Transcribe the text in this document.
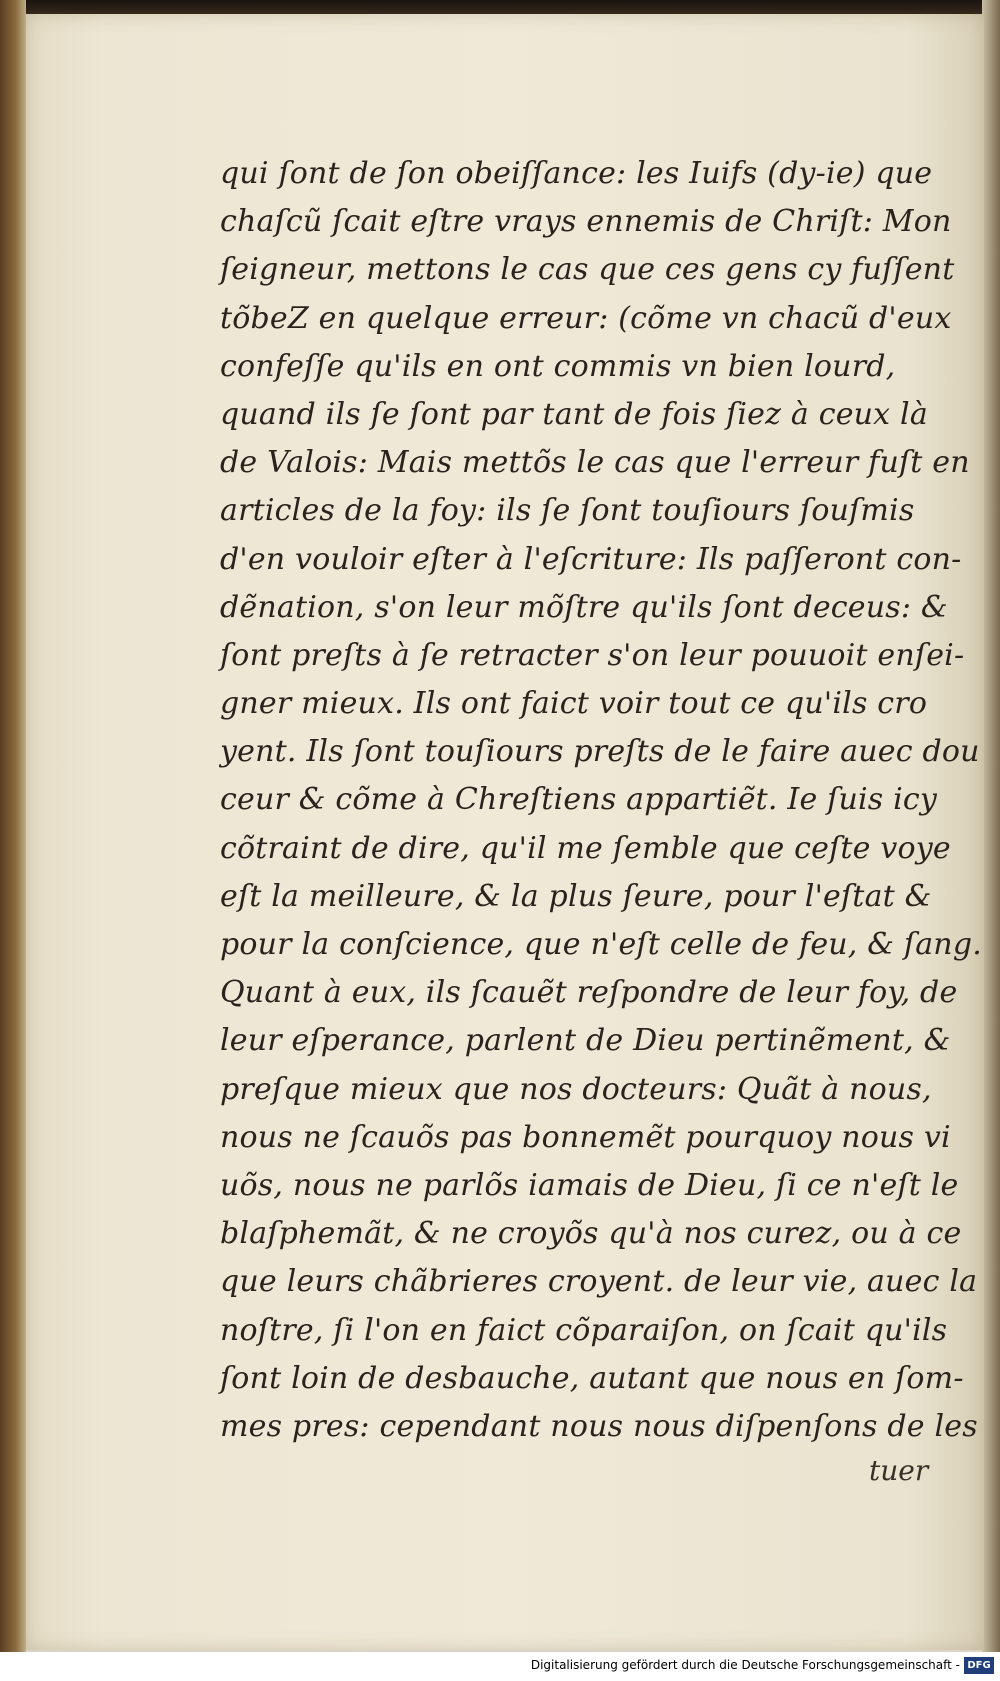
qui ſont de ſon obeiſſance: les Iuifs (dy-ie) que
chaſcũ ſcait eſtre vrays ennemis de Chriſt: Mon
ſeigneur, mettons le cas que ces gens cy fuſſent
tõbeZ en quelque erreur: (cõme vn chacũ d'eux
confeſſe qu'ils en ont commis vn bien lourd,
quand ils ſe ſont par tant de fois ſiez à ceux là
de Valois: Mais mettõs le cas que l'erreur fuſt en
articles de la foy: ils ſe ſont touſiours ſouſmis
d'en vouloir eſter à l'eſcriture: Ils paſſeront con-
dẽnation, s'on leur mõſtre qu'ils ſont deceus: &
ſont preſts à ſe retracter s'on leur pouuoit enſei-
gner mieux. Ils ont faict voir tout ce qu'ils cro
yent. Ils ſont touſiours preſts de le faire auec dou
ceur & cõme à Chreſtiens appartiẽt. Ie ſuis icy
cõtraint de dire, qu'il me ſemble que ceſte voye
eſt la meilleure, & la plus ſeure, pour l'eſtat &
pour la conſcience, que n'eſt celle de feu, & ſang.
Quant à eux, ils ſcauẽt reſpondre de leur foy, de
leur eſperance, parlent de Dieu pertinẽment, &
preſque mieux que nos docteurs: Quãt à nous,
nous ne ſcauõs pas bonnemẽt pourquoy nous vi
uõs, nous ne parlõs iamais de Dieu, ſi ce n'eſt le
blaſphemãt, & ne croyõs qu'à nos curez, ou à ce
que leurs chãbrieres croyent. de leur vie, auec la
noſtre, ſi l'on en faict cõparaiſon, on ſcait qu'ils
ſont loin de desbauche, autant que nous en ſom-
mes pres: cependant nous nous diſpenſons de les
tuer
Digitalisierung gefördert durch die Deutsche Forschungsgemeinschaft - DFG
